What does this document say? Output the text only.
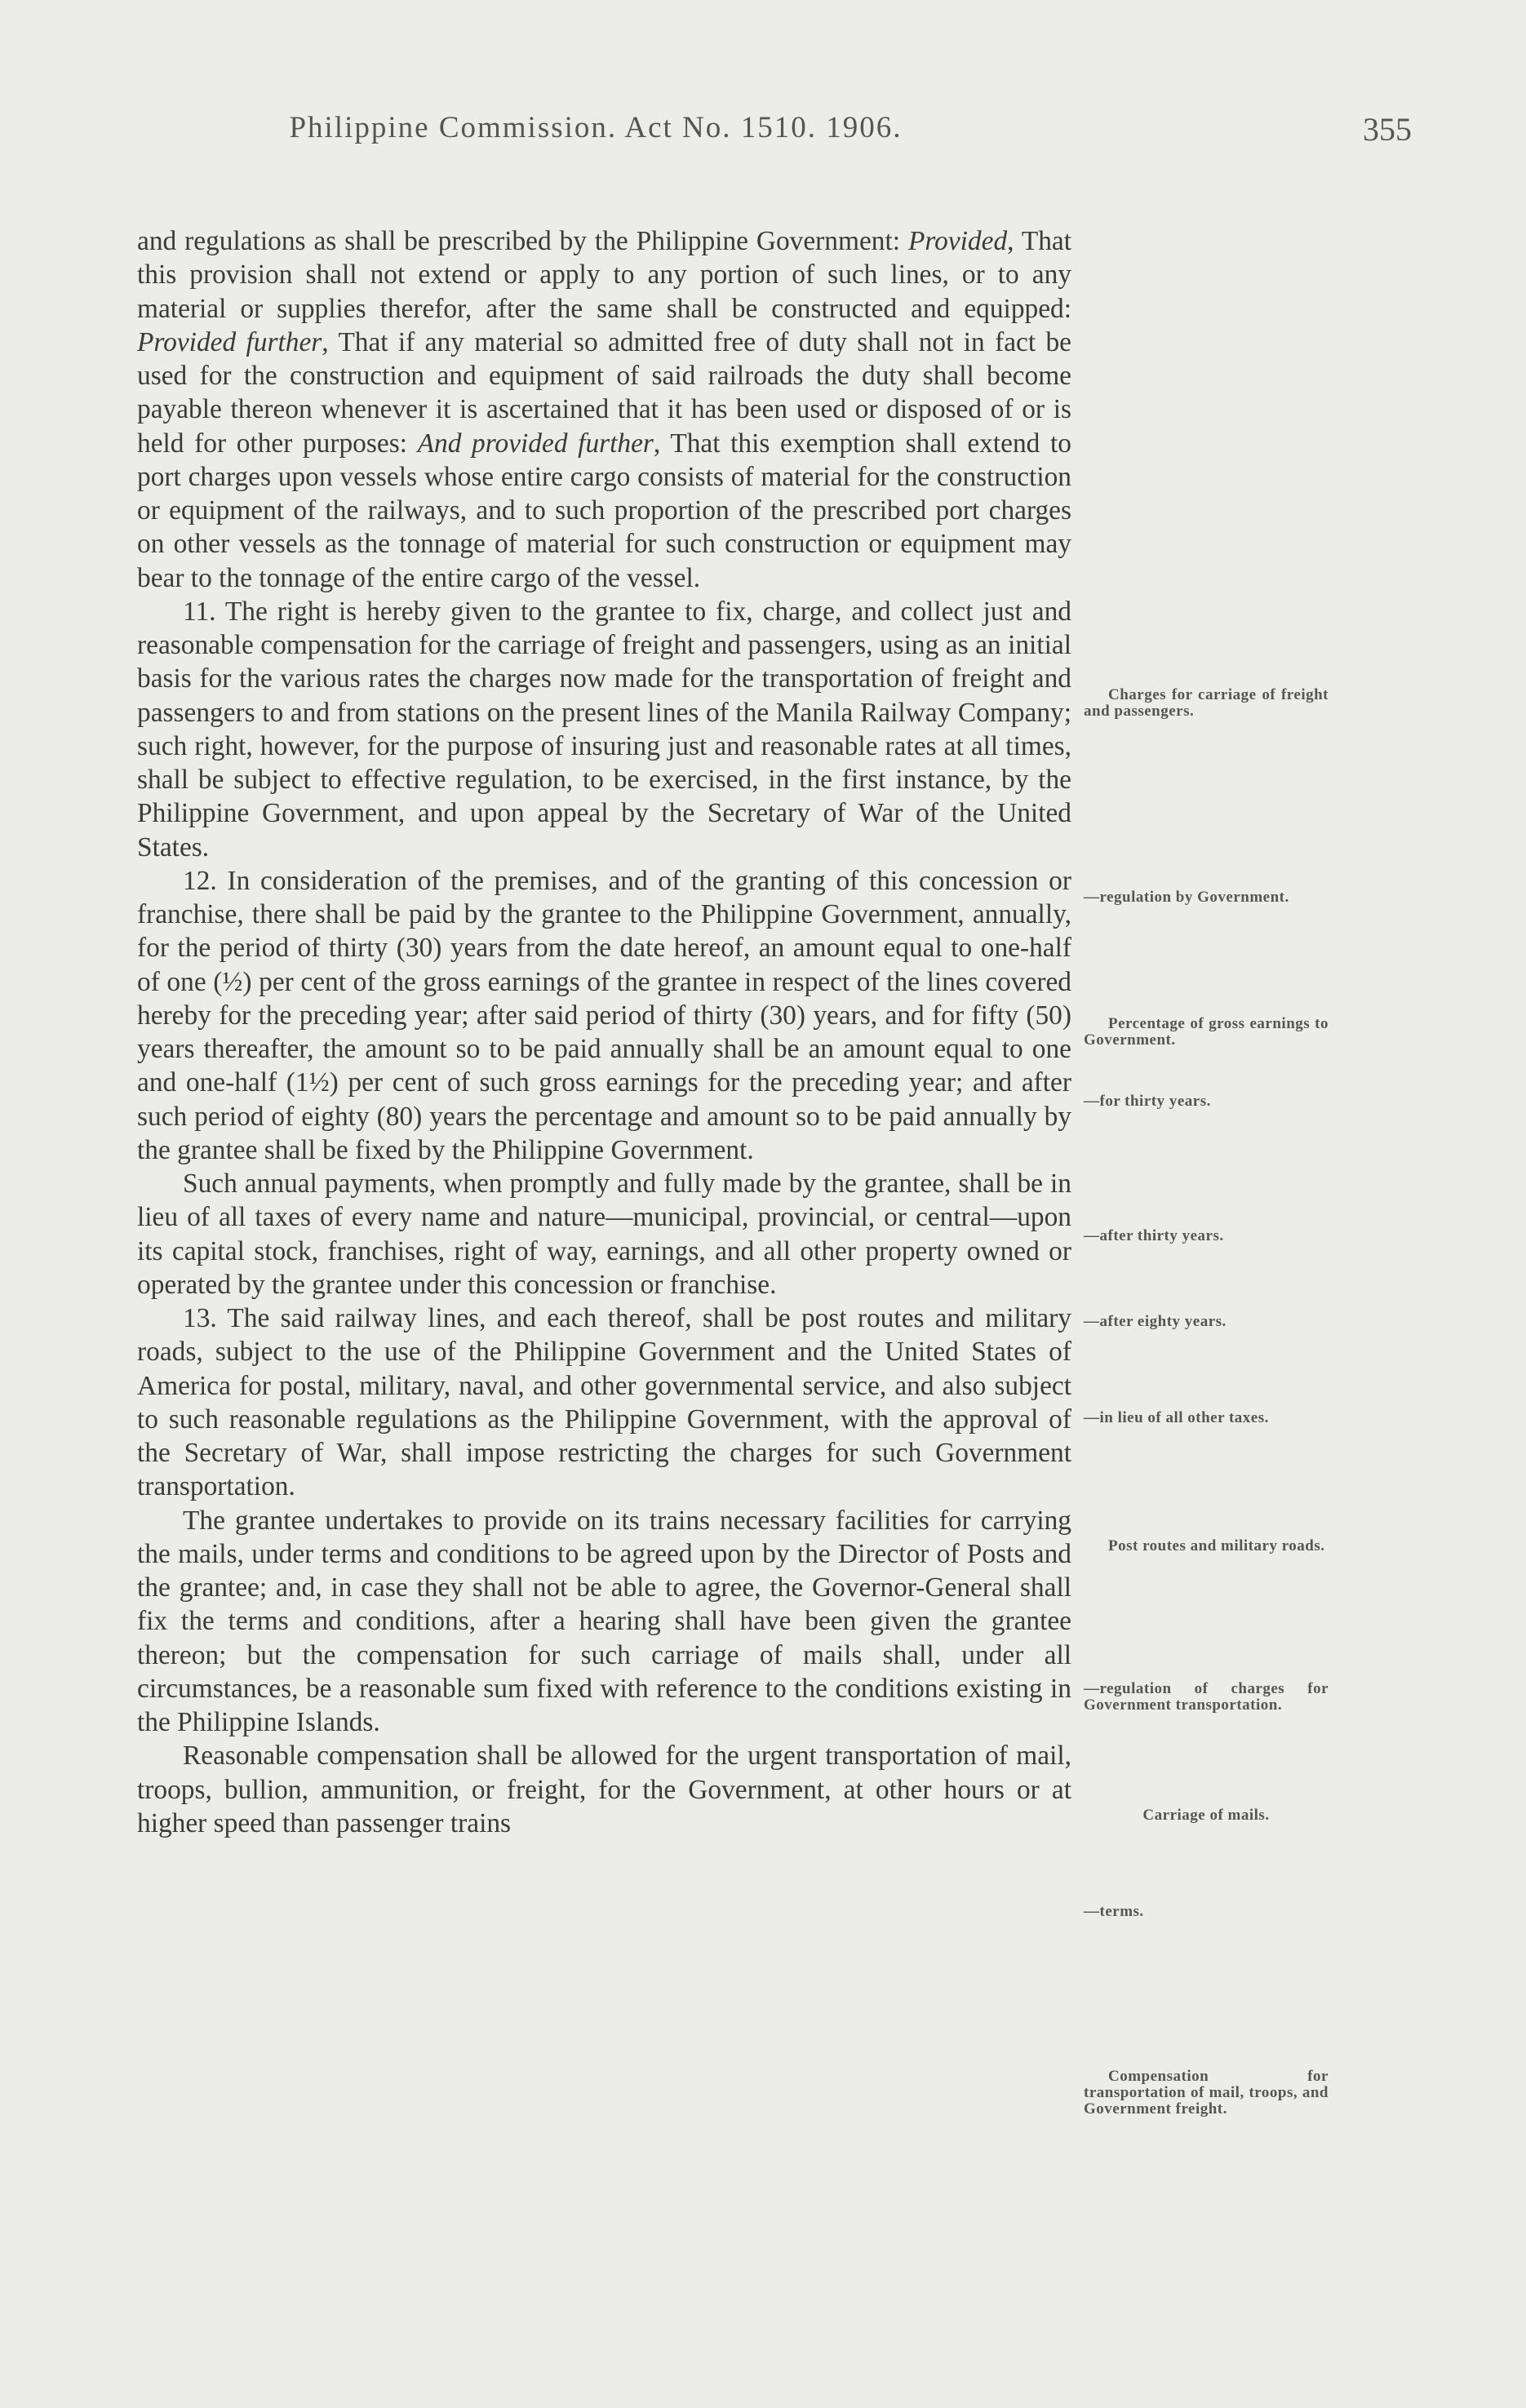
Philippine Commission. Act No. 1510. 1906.	355

and regulations as shall be prescribed by the Philippine Government: Provided, That this provision shall not extend or apply to any portion of such lines, or to any material or supplies therefor, after the same shall be constructed and equipped: Provided further, That if any material so admitted free of duty shall not in fact be used for the construction and equipment of said railroads the duty shall become payable thereon whenever it is ascertained that it has been used or disposed of or is held for other purposes: And provided further, That this exemption shall extend to port charges upon vessels whose entire cargo consists of material for the construction or equipment of the railways, and to such proportion of the prescribed port charges on other vessels as the tonnage of material for such construction or equipment may bear to the tonnage of the entire cargo of the vessel.

11. The right is hereby given to the grantee to fix, charge, and collect just and reasonable compensation for the carriage of freight and passengers, using as an initial basis for the various rates the charges now made for the transportation of freight and passengers to and from stations on the present lines of the Manila Railway Company; such right, however, for the purpose of insuring just and reasonable rates at all times, shall be subject to effective regulation, to be exercised, in the first instance, by the Philippine Government, and upon appeal by the Secretary of War of the United States.

12. In consideration of the premises, and of the granting of this concession or franchise, there shall be paid by the grantee to the Philippine Government, annually, for the period of thirty (30) years from the date hereof, an amount equal to one-half of one (½) per cent of the gross earnings of the grantee in respect of the lines covered hereby for the preceding year; after said period of thirty (30) years, and for fifty (50) years thereafter, the amount so to be paid annually shall be an amount equal to one and one-half (1½) per cent of such gross earnings for the preceding year; and after such period of eighty (80) years the percentage and amount so to be paid annually by the grantee shall be fixed by the Philippine Government.

Such annual payments, when promptly and fully made by the grantee, shall be in lieu of all taxes of every name and nature—municipal, provincial, or central—upon its capital stock, franchises, right of way, earnings, and all other property owned or operated by the grantee under this concession or franchise.

13. The said railway lines, and each thereof, shall be post routes and military roads, subject to the use of the Philippine Government and the United States of America for postal, military, naval, and other governmental service, and also subject to such reasonable regulations as the Philippine Government, with the approval of the Secretary of War, shall impose restricting the charges for such Government transportation.

The grantee undertakes to provide on its trains necessary facilities for carrying the mails, under terms and conditions to be agreed upon by the Director of Posts and the grantee; and, in case they shall not be able to agree, the Governor-General shall fix the terms and conditions, after a hearing shall have been given the grantee thereon; but the compensation for such carriage of mails shall, under all circumstances, be a reasonable sum fixed with reference to the conditions existing in the Philippine Islands.

Reasonable compensation shall be allowed for the urgent transportation of mail, troops, bullion, ammunition, or freight, for the Government, at other hours or at higher speed than passenger trains

Charges for carriage of freight and passengers.
—regulation by Government.
Percentage of gross earnings to Government.
—for thirty years.
—after thirty years.
—after eighty years.
—in lieu of all other taxes.
Post routes and military roads.
—regulation of charges for Government transportation.
Carriage of mails.
—terms.
Compensation for transportation of mail, troops, and Government freight.
